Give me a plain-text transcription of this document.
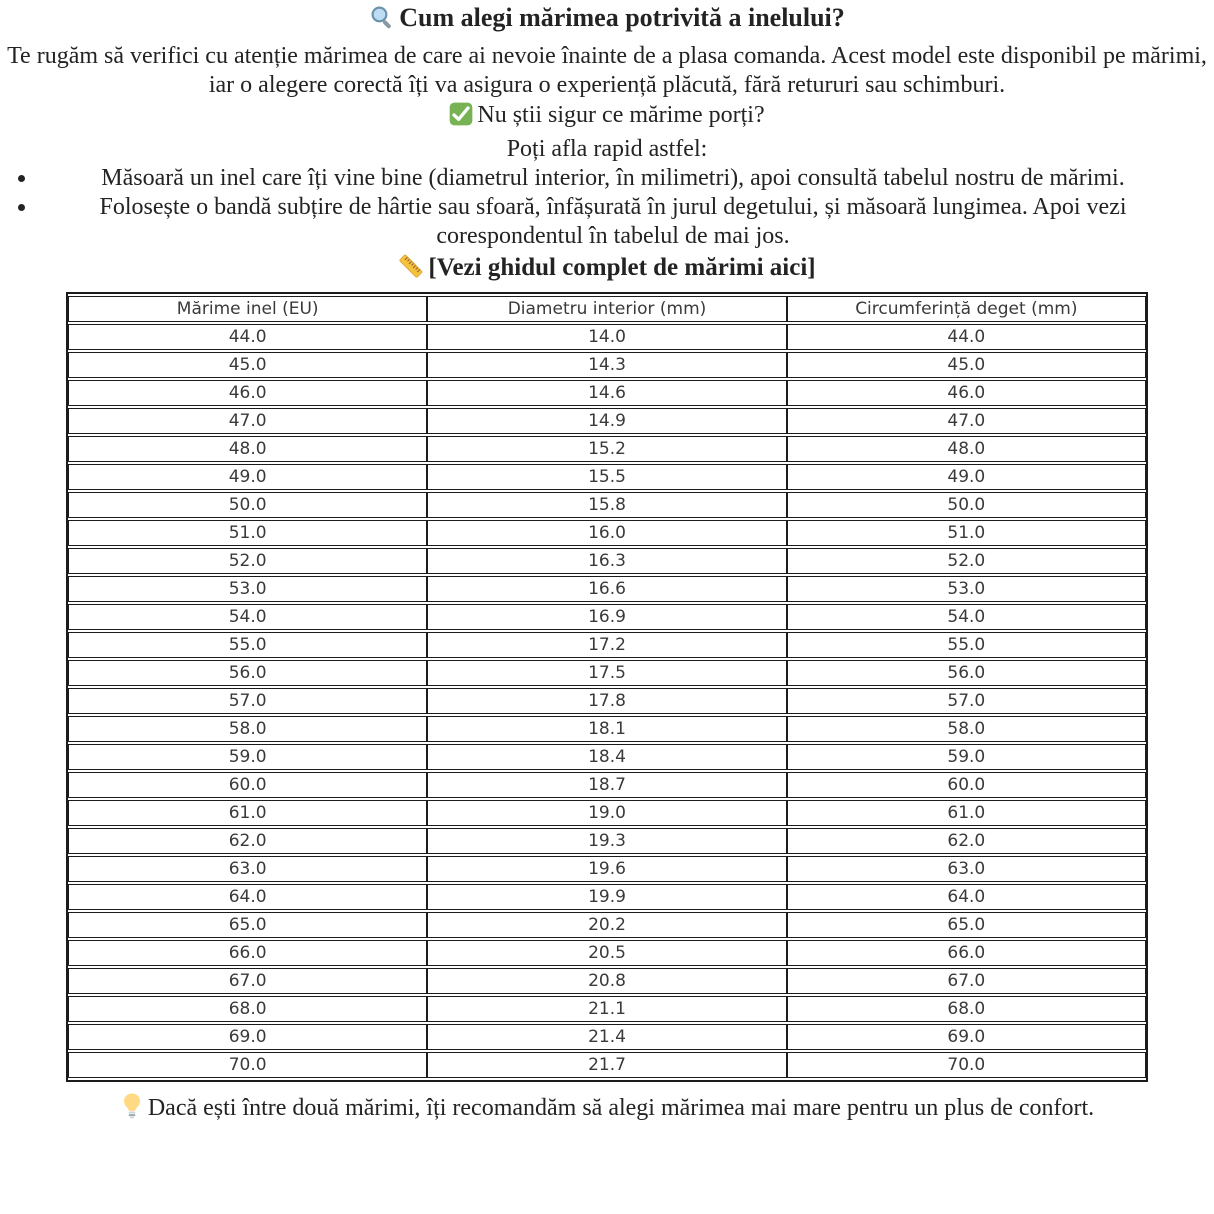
Cum alegi mărimea potrivită a inelului?

Te rugăm să verifici cu atenție mărimea de care ai nevoie înainte de a plasa comanda. Acest model este disponibil pe mărimi, iar o alegere corectă îți va asigura o experiență plăcută, fără retururi sau schimburi.

Nu știi sigur ce mărime porți?
Poți afla rapid astfel:
• Măsoară un inel care îți vine bine (diametrul interior, în milimetri), apoi consultă tabelul nostru de mărimi.
• Folosește o bandă subțire de hârtie sau sfoară, înfășurată în jurul degetului, și măsoară lungimea. Apoi vezi corespondentul în tabelul de mai jos.
[Vezi ghidul complet de mărimi aici]
Mărime inel (EU)	Diametru interior (mm)	Circumferință deget (mm)
44.0	14.0	44.0
45.0	14.3	45.0
46.0	14.6	46.0
47.0	14.9	47.0
48.0	15.2	48.0
49.0	15.5	49.0
50.0	15.8	50.0
51.0	16.0	51.0
52.0	16.3	52.0
53.0	16.6	53.0
54.0	16.9	54.0
55.0	17.2	55.0
56.0	17.5	56.0
57.0	17.8	57.0
58.0	18.1	58.0
59.0	18.4	59.0
60.0	18.7	60.0
61.0	19.0	61.0
62.0	19.3	62.0
63.0	19.6	63.0
64.0	19.9	64.0
65.0	20.2	65.0
66.0	20.5	66.0
67.0	20.8	67.0
68.0	21.1	68.0
69.0	21.4	69.0
70.0	21.7	70.0

Dacă ești între două mărimi, îți recomandăm să alegi mărimea mai mare pentru un plus de confort.
